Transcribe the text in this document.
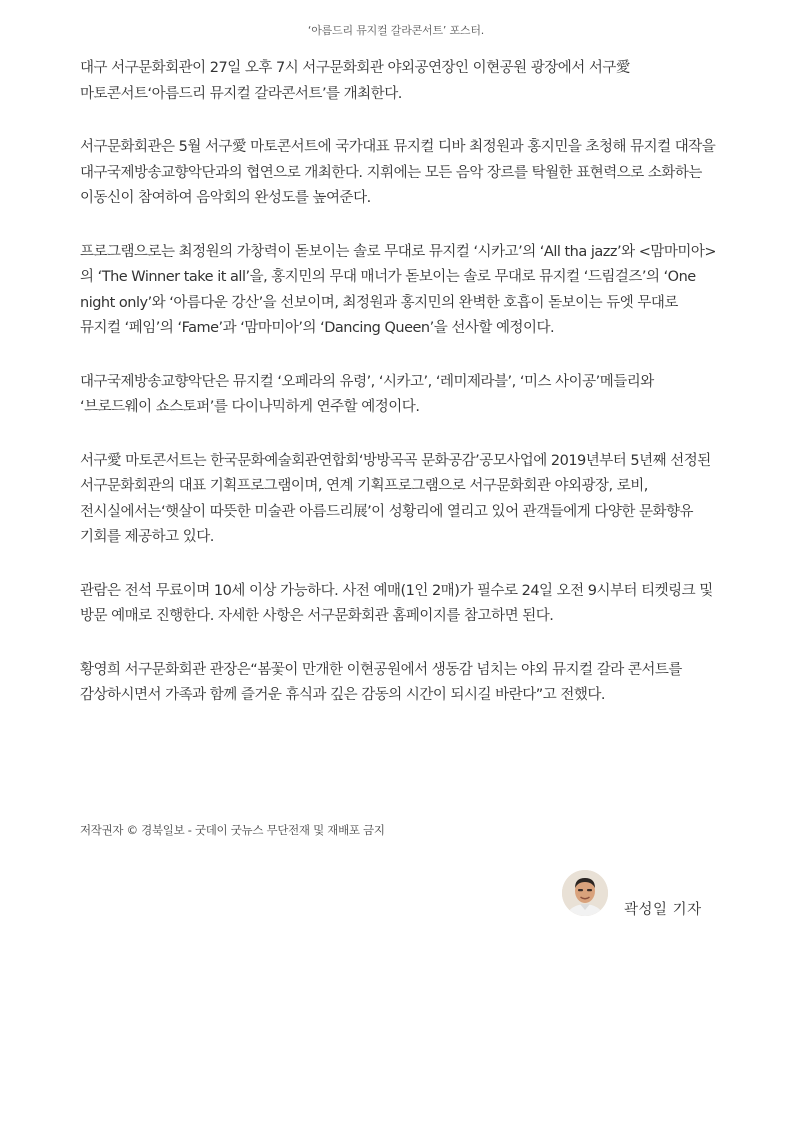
‘아름드리 뮤지컬 갈라콘서트’ 포스터.

대구 서구문화회관이 27일 오후 7시 서구문화회관 야외공연장인 이현공원 광장에서 서구愛 마토콘서트‘아름드리 뮤지컬 갈라콘서트’를 개최한다.

서구문화회관은 5월 서구愛 마토콘서트에 국가대표 뮤지컬 디바 최정원과 홍지민을 초청해 뮤지컬 대작을 대구국제방송교향악단과의 협연으로 개최한다. 지휘에는 모든 음악 장르를 탁월한 표현력으로 소화하는 이동신이 참여하여 음악회의 완성도를 높여준다.

프로그램으로는 최정원의 가창력이 돋보이는 솔로 무대로 뮤지컬 ‘시카고’의 ‘All tha jazz’와 <맘마미아>의 ‘The Winner take it all’을, 홍지민의 무대 매너가 돋보이는 솔로 무대로 뮤지컬 ‘드림걸즈’의 ‘One night only’와 ‘아름다운 강산’을 선보이며, 최정원과 홍지민의 완벽한 호흡이 돋보이는 듀엣 무대로 뮤지컬 ‘페임’의 ‘Fame’과 ‘맘마미아’의 ‘Dancing Queen’을 선사할 예정이다.

대구국제방송교향악단은 뮤지컬 ‘오페라의 유령’, ‘시카고’, ‘레미제라블’, ‘미스 사이공’메들리와 ‘브로드웨이 쇼스토퍼’를 다이나믹하게 연주할 예정이다.

서구愛 마토콘서트는 한국문화예술회관연합회‘방방곡곡 문화공감’공모사업에 2019년부터 5년째 선정된 서구문화회관의 대표 기획프로그램이며, 연계 기획프로그램으로 서구문화회관 야외광장, 로비, 전시실에서는‘햇살이 따뜻한 미술관 아름드리展’이 성황리에 열리고 있어 관객들에게 다양한 문화향유 기회를 제공하고 있다.

관람은 전석 무료이며 10세 이상 가능하다. 사전 예매(1인 2매)가 필수로 24일 오전 9시부터 티켓링크 및 방문 예매로 진행한다. 자세한 사항은 서구문화회관 홈페이지를 참고하면 된다.

황영희 서구문화회관 관장은“봄꽃이 만개한 이현공원에서 생동감 넘치는 야외 뮤지컬 갈라 콘서트를 감상하시면서 가족과 함께 즐거운 휴식과 깊은 감동의 시간이 되시길 바란다”고 전했다.

저작권자 © 경북일보 - 굿데이 굿뉴스 무단전재 및 재배포 금지
곽성일 기자
